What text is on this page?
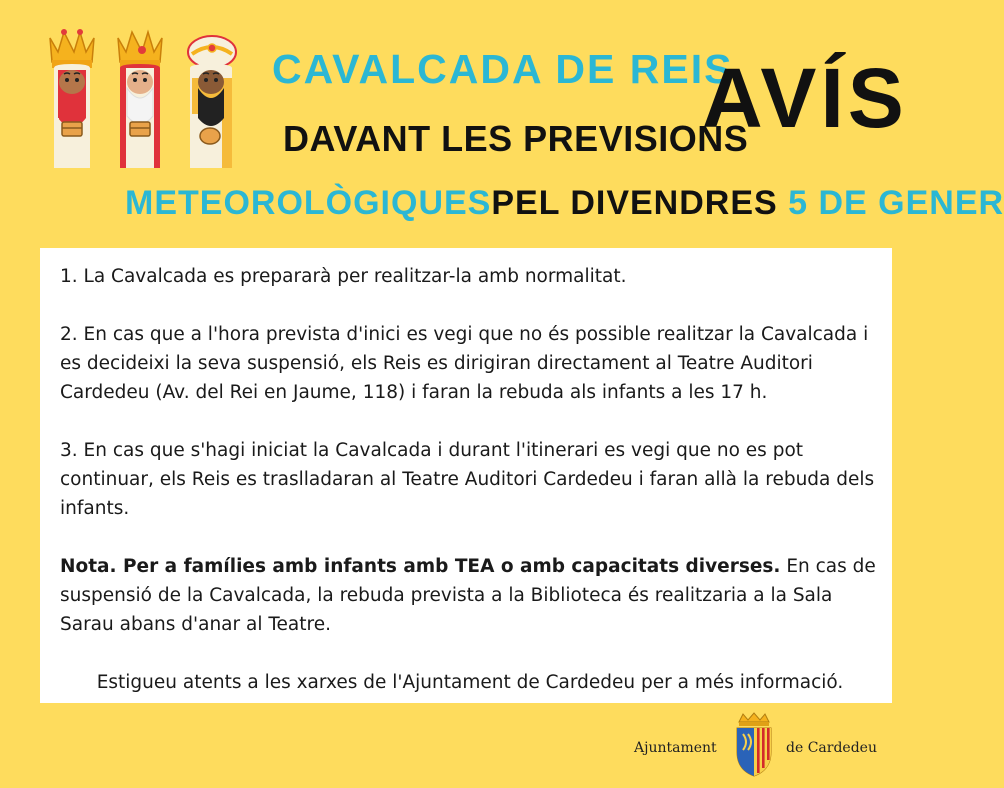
CAVALCADA DE REIS
DAVANT LES PREVISIONS
AVÍS
METEOROLÒGIQUESPEL DIVENDRES 5 DE GENER

1. La Cavalcada es prepararà per realitzar-la amb normalitat.

2. En cas que a l'hora prevista d'inici es vegi que no és possible realitzar la Cavalcada i es decideixi la seva suspensió, els Reis es dirigiran directament al Teatre Auditori Cardedeu (Av. del Rei en Jaume, 118) i faran la rebuda als infants a les 17 h.

3. En cas que s'hagi iniciat la Cavalcada i durant l'itinerari es vegi que no es pot continuar, els Reis es traslladaran al Teatre Auditori Cardedeu i faran allà la rebuda dels infants.

Nota. Per a famílies amb infants amb TEA o amb capacitats diverses. En cas de suspensió de la Cavalcada, la rebuda prevista a la Biblioteca és realitzaria a la Sala Sarau abans d'anar al Teatre.

Estigueu atents a les xarxes de l'Ajuntament de Cardedeu per a més informació.

Ajuntament	de Cardedeu
